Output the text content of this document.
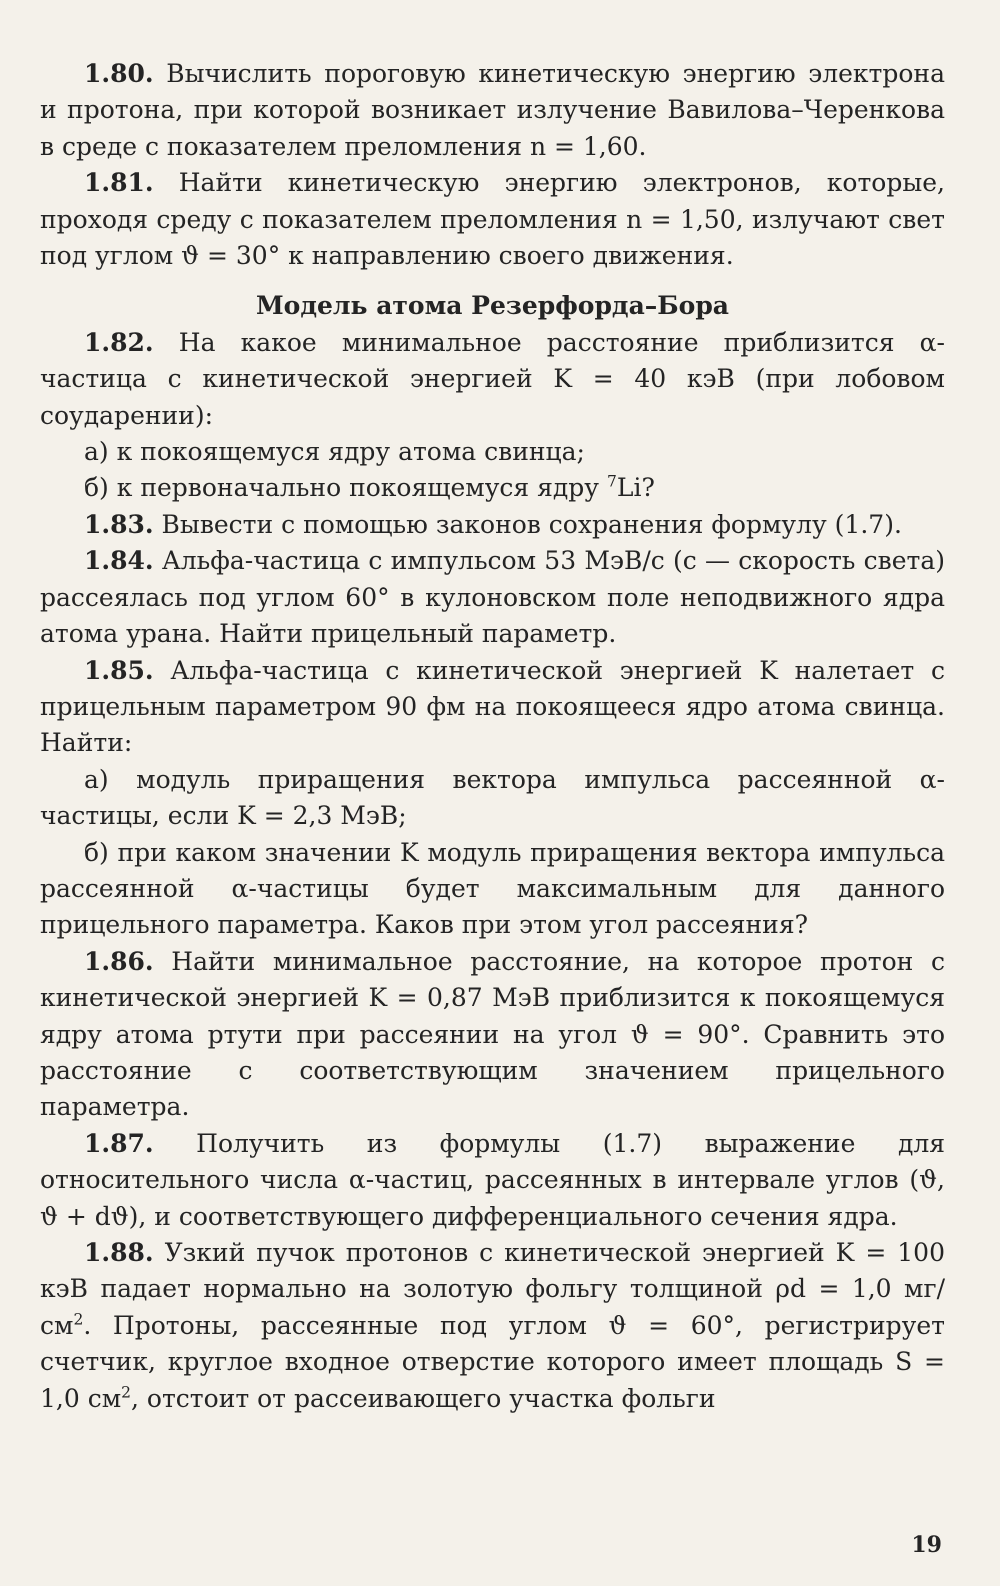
1.80. Вычислить пороговую кинетическую энергию электрона и протона, при которой возникает излучение Вавилова–Черенкова в среде с показателем преломления n = 1,60.

1.81. Найти кинетическую энергию электронов, которые, проходя среду с показателем преломления n = 1,50, излучают свет под углом ϑ = 30° к направлению своего движения.

Модель атома Резерфорда–Бора

1.82. На какое минимальное расстояние приблизится α-частица с кинетической энергией K = 40 кэВ (при лобовом соударении):

а) к покоящемуся ядру атома свинца;

б) к первоначально покоящемуся ядру $^7$Li?

1.83. Вывести с помощью законов сохранения формулу (1.7).

1.84. Альфа-частица с импульсом 53 МэВ/c (c — скорость света) рассеялась под углом 60° в кулоновском поле неподвижного ядра атома урана. Найти прицельный параметр.

1.85. Альфа-частица с кинетической энергией K налетает с прицельным параметром 90 фм на покоящееся ядро атома свинца. Найти:

а) модуль приращения вектора импульса рассеянной α-частицы, если K = 2,3 МэВ;

б) при каком значении K модуль приращения вектора импульса рассеянной α-частицы будет максимальным для данного прицельного параметра. Каков при этом угол рассеяния?

1.86. Найти минимальное расстояние, на которое протон с кинетической энергией K = 0,87 МэВ приблизится к покоящемуся ядру атома ртути при рассеянии на угол ϑ = 90°. Сравнить это расстояние с соответствующим значением прицельного параметра.

1.87. Получить из формулы (1.7) выражение для относительного числа α-частиц, рассеянных в интервале углов (ϑ, ϑ + dϑ), и соответствующего дифференциального сечения ядра.

1.88. Узкий пучок протонов с кинетической энергией K = 100 кэВ падает нормально на золотую фольгу толщиной ρd = 1,0 $мг/см^2$. Протоны, рассеянные под углом ϑ = 60°, регистрирует счетчик, круглое входное отверстие которого имеет площадь S = 1,0 $см^2$, отстоит от рассеивающего участка фольги

19
